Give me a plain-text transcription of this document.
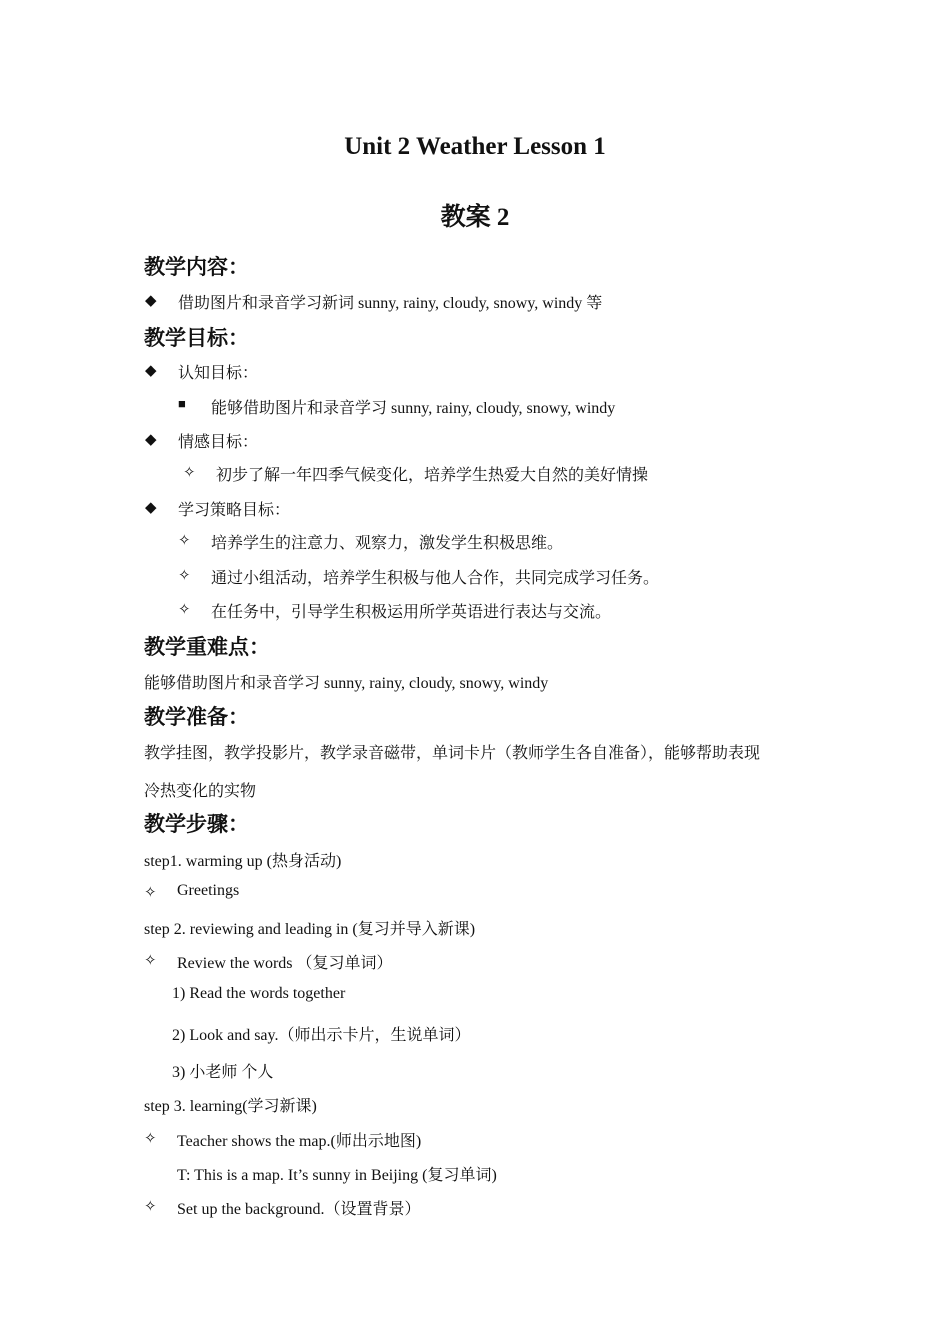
Unit 2 Weather Lesson 1
教案 2
教学内容：
◆ 借助图片和录音学习新词 sunny, rainy, cloudy, snowy, windy 等
教学目标：
◆ 认知目标：
■ 能够借助图片和录音学习 sunny, rainy, cloudy, snowy, windy
◆ 情感目标：
✧ 初步了解一年四季气候变化，培养学生热爱大自然的美好情操
◆ 学习策略目标：
✧ 培养学生的注意力、观察力，激发学生积极思维。
✧ 通过小组活动，培养学生积极与他人合作，共同完成学习任务。
✧ 在任务中，引导学生积极运用所学英语进行表达与交流。
教学重难点：
能够借助图片和录音学习 sunny, rainy, cloudy, snowy, windy
教学准备：
教学挂图，教学投影片，教学录音磁带，单词卡片（教师学生各自准备），能够帮助表现
冷热变化的实物
教学步骤：
step1. warming up (热身活动)
✧ Greetings
step 2. reviewing and leading in (复习并导入新课)
✧ Review the words （复习单词）
1) Read the words together
2) Look and say.（师出示卡片，生说单词）
3) 小老师 个人
step 3. learning(学习新课)
✧ Teacher shows the map.(师出示地图)
T: This is a map. It’s sunny in Beijing (复习单词)
✧ Set up the background.（设置背景）
